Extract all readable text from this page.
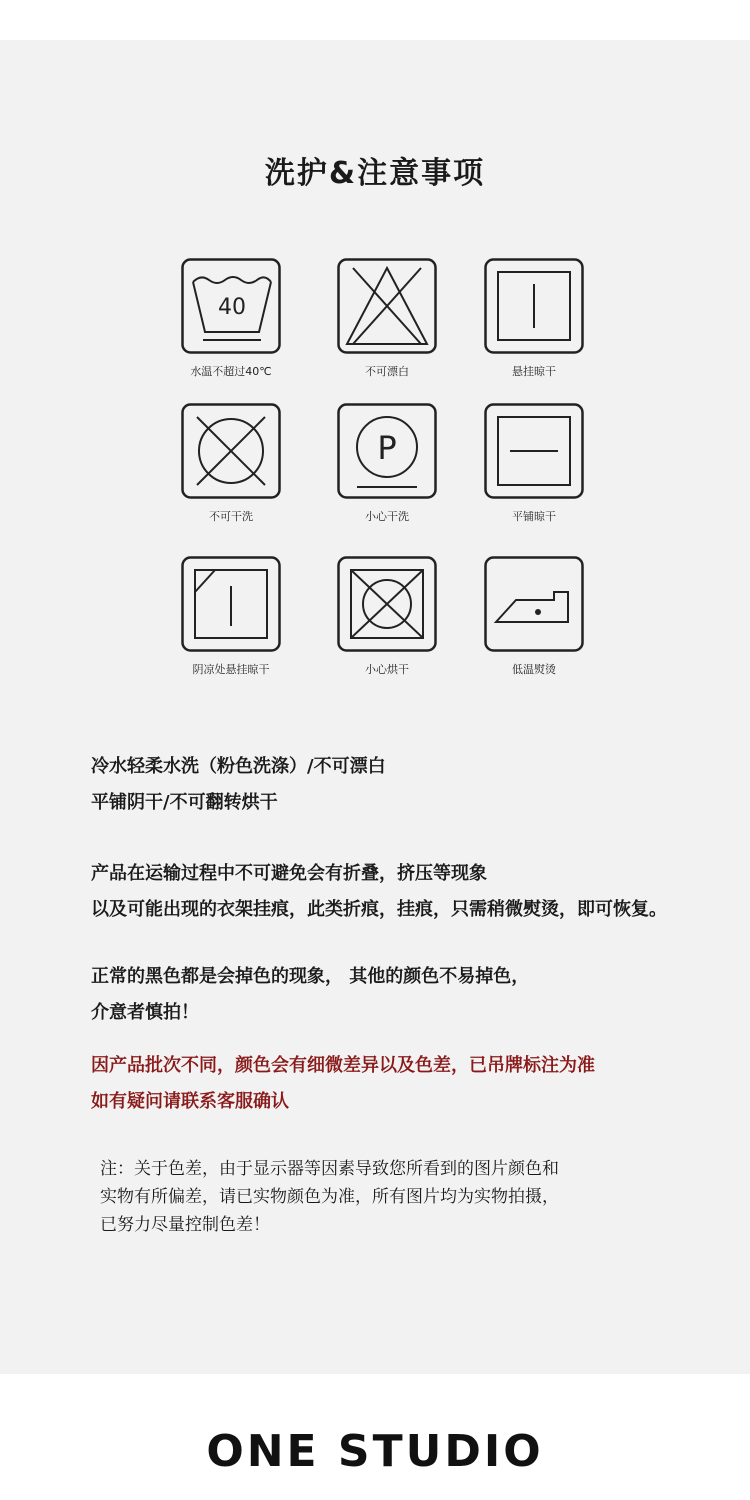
洗护&注意事项
40
水温不超过40℃	不可漂白	悬挂晾干
不可干洗
P
小心干洗	平铺晾干
阴凉处悬挂晾干	小心烘干	低温熨烫
冷水轻柔水洗（粉色洗涤）/不可漂白
平铺阴干/不可翻转烘干
产品在运输过程中不可避免会有折叠，挤压等现象
以及可能出现的衣架挂痕，此类折痕，挂痕，只需稍微熨烫，即可恢复。
正常的黑色都是会掉色的现象， 其他的颜色不易掉色，
介意者慎拍！
因产品批次不同，颜色会有细微差异以及色差，已吊牌标注为准
如有疑问请联系客服确认
注：关于色差，由于显示器等因素导致您所看到的图片颜色和
实物有所偏差，请已实物颜色为准，所有图片均为实物拍摄，
已努力尽量控制色差！
ONE STUDIO
